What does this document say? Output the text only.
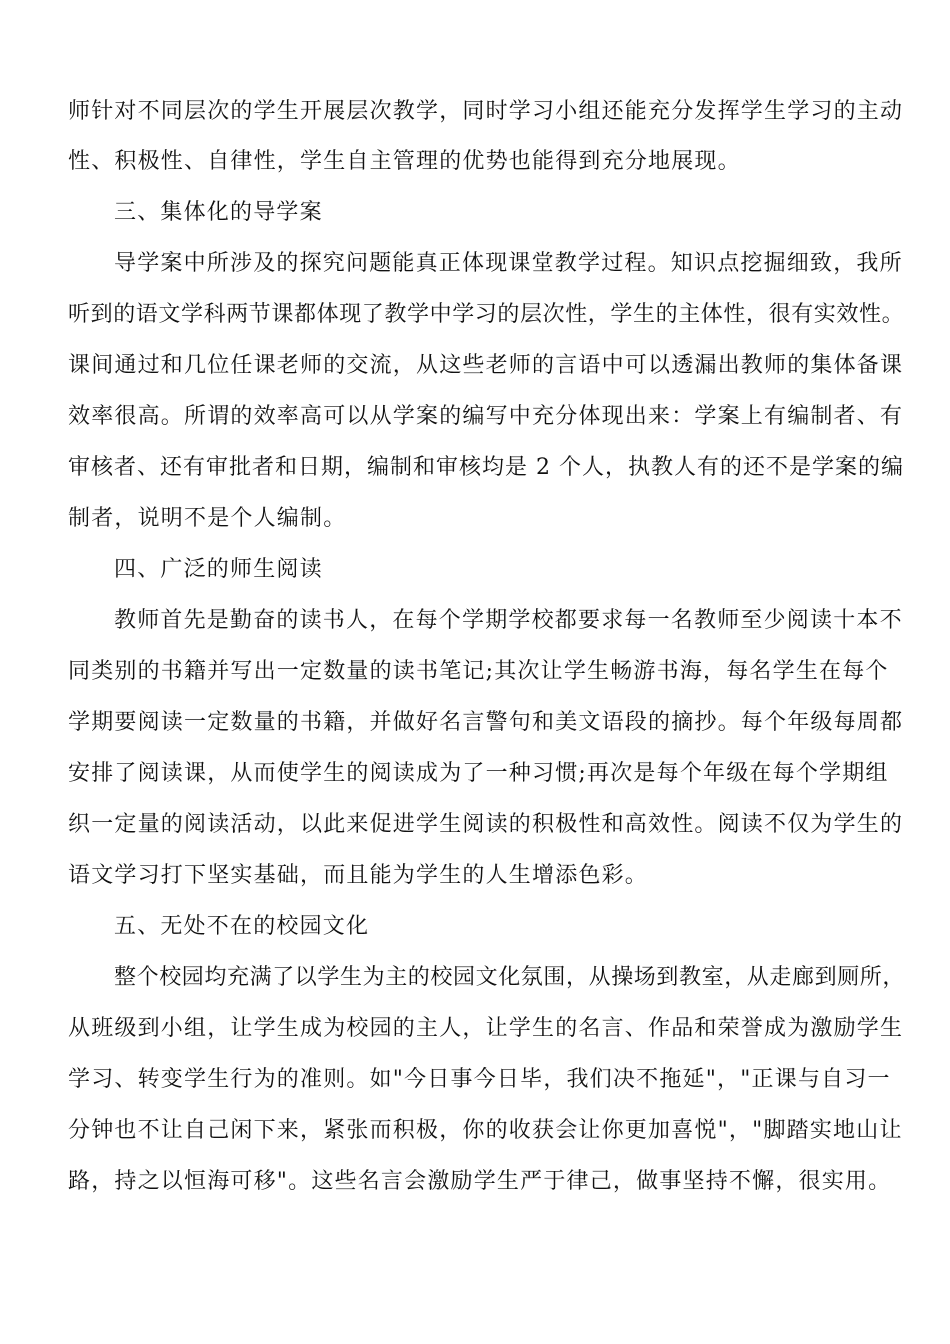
师针对不同层次的学生开展层次教学，同时学习小组还能充分发挥学生学习的主动
性、积极性、自律性，学生自主管理的优势也能得到充分地展现。
三、集体化的导学案
导学案中所涉及的探究问题能真正体现课堂教学过程。知识点挖掘细致，我所
听到的语文学科两节课都体现了教学中学习的层次性，学生的主体性，很有实效性。
课间通过和几位任课老师的交流，从这些老师的言语中可以透漏出教师的集体备课
效率很高。所谓的效率高可以从学案的编写中充分体现出来：学案上有编制者、有
审核者、还有审批者和日期，编制和审核均是 2 个人，执教人有的还不是学案的编
制者，说明不是个人编制。
四、广泛的师生阅读
教师首先是勤奋的读书人，在每个学期学校都要求每一名教师至少阅读十本不
同类别的书籍并写出一定数量的读书笔记;其次让学生畅游书海，每名学生在每个
学期要阅读一定数量的书籍，并做好名言警句和美文语段的摘抄。每个年级每周都
安排了阅读课，从而使学生的阅读成为了一种习惯;再次是每个年级在每个学期组
织一定量的阅读活动，以此来促进学生阅读的积极性和高效性。阅读不仅为学生的
语文学习打下坚实基础，而且能为学生的人生增添色彩。
五、无处不在的校园文化
整个校园均充满了以学生为主的校园文化氛围，从操场到教室，从走廊到厕所，
从班级到小组，让学生成为校园的主人，让学生的名言、作品和荣誉成为激励学生
学习、转变学生行为的准则。如"今日事今日毕，我们决不拖延"，"正课与自习一
分钟也不让自己闲下来，紧张而积极，你的收获会让你更加喜悦"，"脚踏实地山让
路，持之以恒海可移"。这些名言会激励学生严于律己，做事坚持不懈，很实用。
